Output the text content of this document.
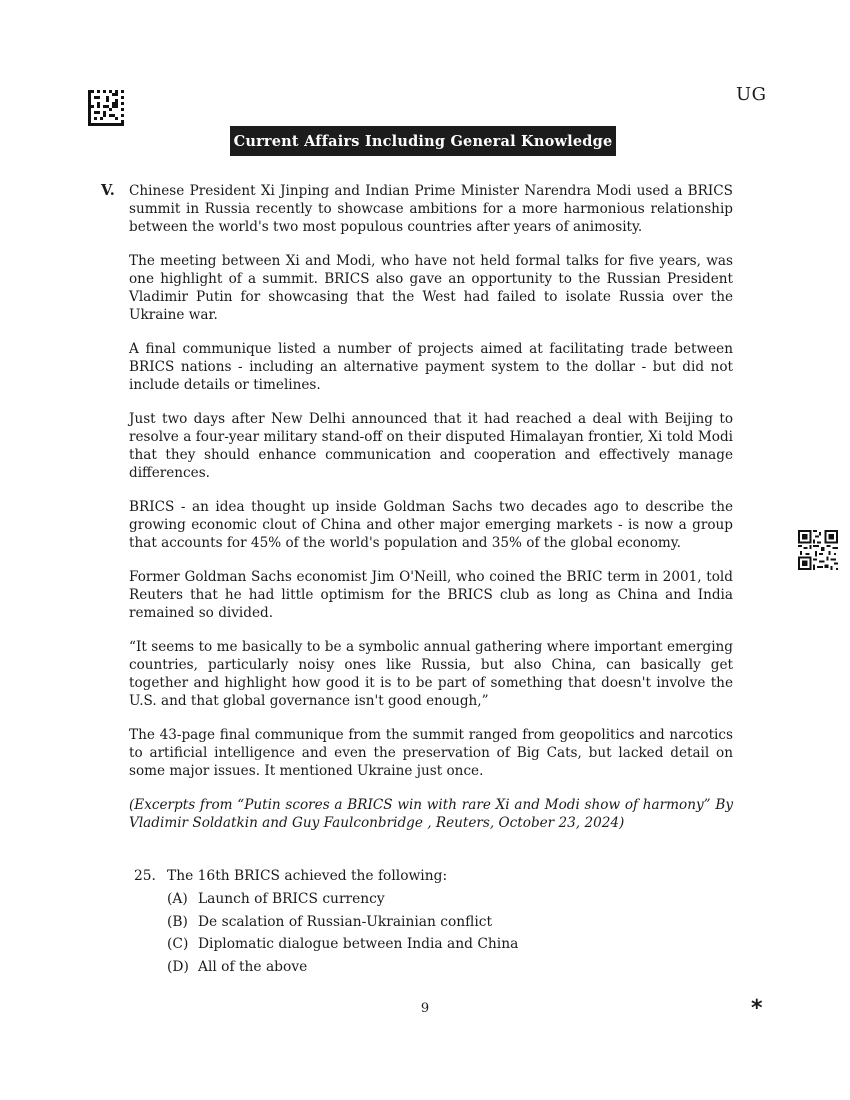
UG
Current Affairs Including General Knowledge
V. Chinese President Xi Jinping and Indian Prime Minister Narendra Modi used a BRICS summit in Russia recently to showcase ambitions for a more harmonious relationship between the world's two most populous countries after years of animosity.

The meeting between Xi and Modi, who have not held formal talks for five years, was one highlight of a summit. BRICS also gave an opportunity to the Russian President Vladimir Putin for showcasing that the West had failed to isolate Russia over the Ukraine war.

A final communique listed a number of projects aimed at facilitating trade between BRICS nations - including an alternative payment system to the dollar - but did not include details or timelines.

Just two days after New Delhi announced that it had reached a deal with Beijing to resolve a four-year military stand-off on their disputed Himalayan frontier, Xi told Modi that they should enhance communication and cooperation and effectively manage differences.

BRICS - an idea thought up inside Goldman Sachs two decades ago to describe the growing economic clout of China and other major emerging markets - is now a group that accounts for 45% of the world's population and 35% of the global economy.

Former Goldman Sachs economist Jim O'Neill, who coined the BRIC term in 2001, told Reuters that he had little optimism for the BRICS club as long as China and India remained so divided.

“It seems to me basically to be a symbolic annual gathering where important emerging countries, particularly noisy ones like Russia, but also China, can basically get together and highlight how good it is to be part of something that doesn't involve the U.S. and that global governance isn't good enough,”

The 43-page final communique from the summit ranged from geopolitics and narcotics to artificial intelligence and even the preservation of Big Cats, but lacked detail on some major issues. It mentioned Ukraine just once.

(Excerpts from “Putin scores a BRICS win with rare Xi and Modi show of harmony” By Vladimir Soldatkin and Guy Faulconbridge , Reuters, October 23, 2024)

25. The 16th BRICS achieved the following:
(A) Launch of BRICS currency
(B) De scalation of Russian-Ukrainian conflict
(C) Diplomatic dialogue between India and China
(D) All of the above
9	*
